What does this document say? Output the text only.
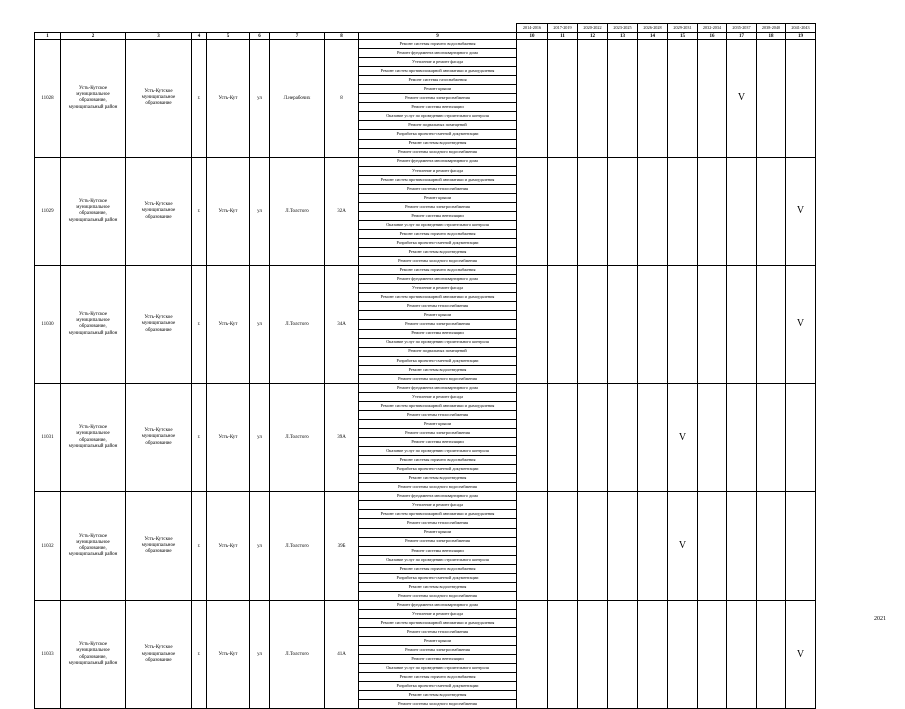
									2014-2016	2017-2019	2020-2022	2023-2025	2026-2028	2029-2031	2032-2034	2035-2037	2038-2040	2041-2043
1	2	3	4	5	6	7	8	9	10	11	12	13	14	15	16	17	18	19
11028	Усть-Кутское муниципальное образование, муниципальный район	Усть-Кутское муниципальное образование	г.	Усть-Кут	ул	Л.нерабочих	8	Ремонт системы горячего водоснабжения								V		
								Ремонт фундамента многоквартирного дома										
								Утепление и ремонт фасада										
								Ремонт систем противопожарной автоматики и дымоудаления										
								Ремонт системы газоснабжения										
								Ремонт крыши										
								Ремонт системы электроснабжения										
								Ремонт системы вентиляции										
								Оказание услуг по проведению строительного контроля										
								Ремонт подвальных помещений										
								Разработка проектно-сметной документации										
								Ремонт системы водоотведения										
								Ремонт системы холодного водоснабжения										
11029	Усть-Кутское муниципальное образование, муниципальный район	Усть-Кутское муниципальное образование	г.	Усть-Кут	ул	Л.Толстого	32А	Ремонт фундамента многоквартирного дома										V
								Утепление и ремонт фасада										
								Ремонт систем противопожарной автоматики и дымоудаления										
								Ремонт системы теплоснабжения										
								Ремонт крыши										
								Ремонт системы электроснабжения										
								Ремонт системы вентиляции										
								Оказание услуг по проведению строительного контроля										
								Ремонт системы горячего водоснабжения										
								Разработка проектно-сметной документации										
								Ремонт системы водоотведения										
								Ремонт системы холодного водоснабжения										
11030	Усть-Кутское муниципальное образование, муниципальный район	Усть-Кутское муниципальное образование	г.	Усть-Кут	ул	Л.Толстого	34А	Ремонт системы горячего водоснабжения										V
								Ремонт фундамента многоквартирного дома										
								Утепление и ремонт фасада										
								Ремонт систем противопожарной автоматики и дымоудаления										
								Ремонт системы теплоснабжения										
								Ремонт крыши										
								Ремонт системы электроснабжения										
								Ремонт системы вентиляции										
								Оказание услуг по проведению строительного контроля										
								Ремонт подвальных помещений										
								Разработка проектно-сметной документации										
								Ремонт системы водоотведения										
								Ремонт системы холодного водоснабжения										
11031	Усть-Кутское муниципальное образование, муниципальный район	Усть-Кутское муниципальное образование	г.	Усть-Кут	ул	Л.Толстого	39А	Ремонт фундамента многоквартирного дома						V				
								Утепление и ремонт фасада										
								Ремонт систем противопожарной автоматики и дымоудаления										
								Ремонт системы теплоснабжения										
								Ремонт крыши										
								Ремонт системы электроснабжения										
								Ремонт системы вентиляции										
								Оказание услуг по проведению строительного контроля										
								Ремонт системы горячего водоснабжения										
								Разработка проектно-сметной документации										
								Ремонт системы водоотведения										
								Ремонт системы холодного водоснабжения										
11032	Усть-Кутское муниципальное образование, муниципальный район	Усть-Кутское муниципальное образование	г.	Усть-Кут	ул	Л.Толстого	39Б	Ремонт фундамента многоквартирного дома						V				
								Утепление и ремонт фасада										
								Ремонт систем противопожарной автоматики и дымоудаления										
								Ремонт системы теплоснабжения										
								Ремонт крыши										
								Ремонт системы электроснабжения										
								Ремонт системы вентиляции										
								Оказание услуг по проведению строительного контроля										
								Ремонт системы горячего водоснабжения										
								Разработка проектно-сметной документации										
								Ремонт системы водоотведения										
								Ремонт системы холодного водоснабжения										
11033	Усть-Кутское муниципальное образование, муниципальный район	Усть-Кутское муниципальное образование	г.	Усть-Кут	ул	Л.Толстого	41А	Ремонт фундамента многоквартирного дома										V
								Утепление и ремонт фасада										
								Ремонт систем противопожарной автоматики и дымоудаления										
								Ремонт системы теплоснабжения										
								Ремонт крыши										
								Ремонт системы электроснабжения										
								Ремонт системы вентиляции										
								Оказание услуг по проведению строительного контроля										
								Ремонт системы горячего водоснабжения										
								Разработка проектно-сметной документации										
								Ремонт системы водоотведения										
								Ремонт системы холодного водоснабжения										
2021
